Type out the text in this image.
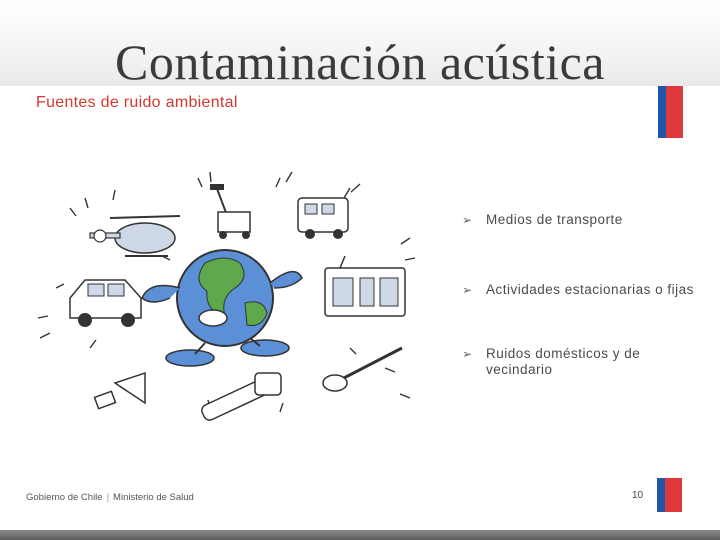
Contaminación acústica
Fuentes de ruido ambiental
➢ Medios de transporte
➢ Actividades estacionarias o fijas
➢ Ruidos domésticos y de vecindario
Gobierno de Chile | Ministerio de Salud	10
